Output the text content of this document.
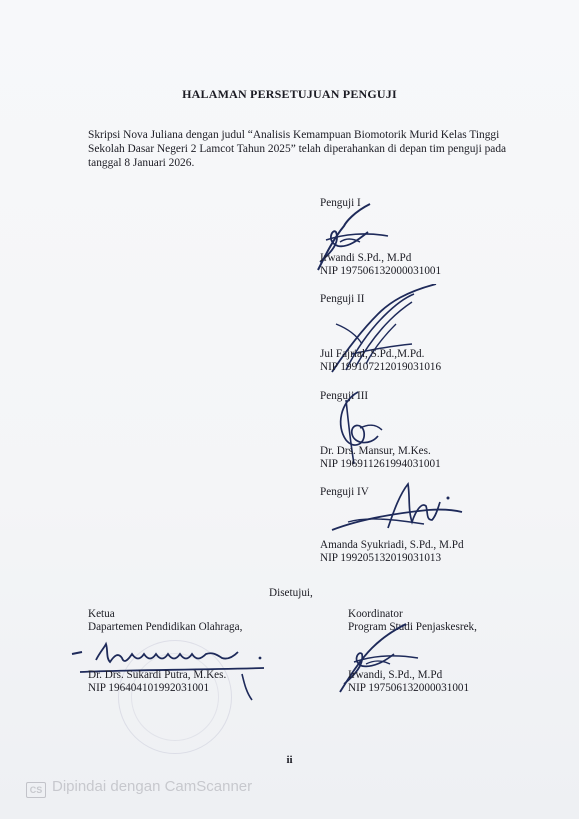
HALAMAN PERSETUJUAN PENGUJI
Skripsi Nova Juliana dengan judul “Analisis Kemampuan Biomotorik Murid Kelas Tinggi Sekolah Dasar Negeri 2 Lamcot Tahun 2025” telah diperahankan di depan tim penguji pada tanggal 8 Januari 2026.
Penguji I
Irwandi S.Pd., M.Pd
NIP 197506132000031001
Penguji II
Jul Fajrial, S.Pd.,M.Pd.
NIP 199107212019031016
Penguji III
Dr. Drs. Mansur, M.Kes.
NIP 196911261994031001
Penguji IV
Amanda Syukriadi, S.Pd., M.Pd
NIP 199205132019031013
Disetujui,
Ketua
Dapartemen Pendidikan Olahraga,
Dr. Drs. Sukardi Putra, M.Kes.
NIP 196404101992031001
Koordinator
Program Studi Penjaskesrek,
Irwandi, S.Pd., M.Pd
NIP 197506132000031001
ii
CS Dipindai dengan CamScanner
